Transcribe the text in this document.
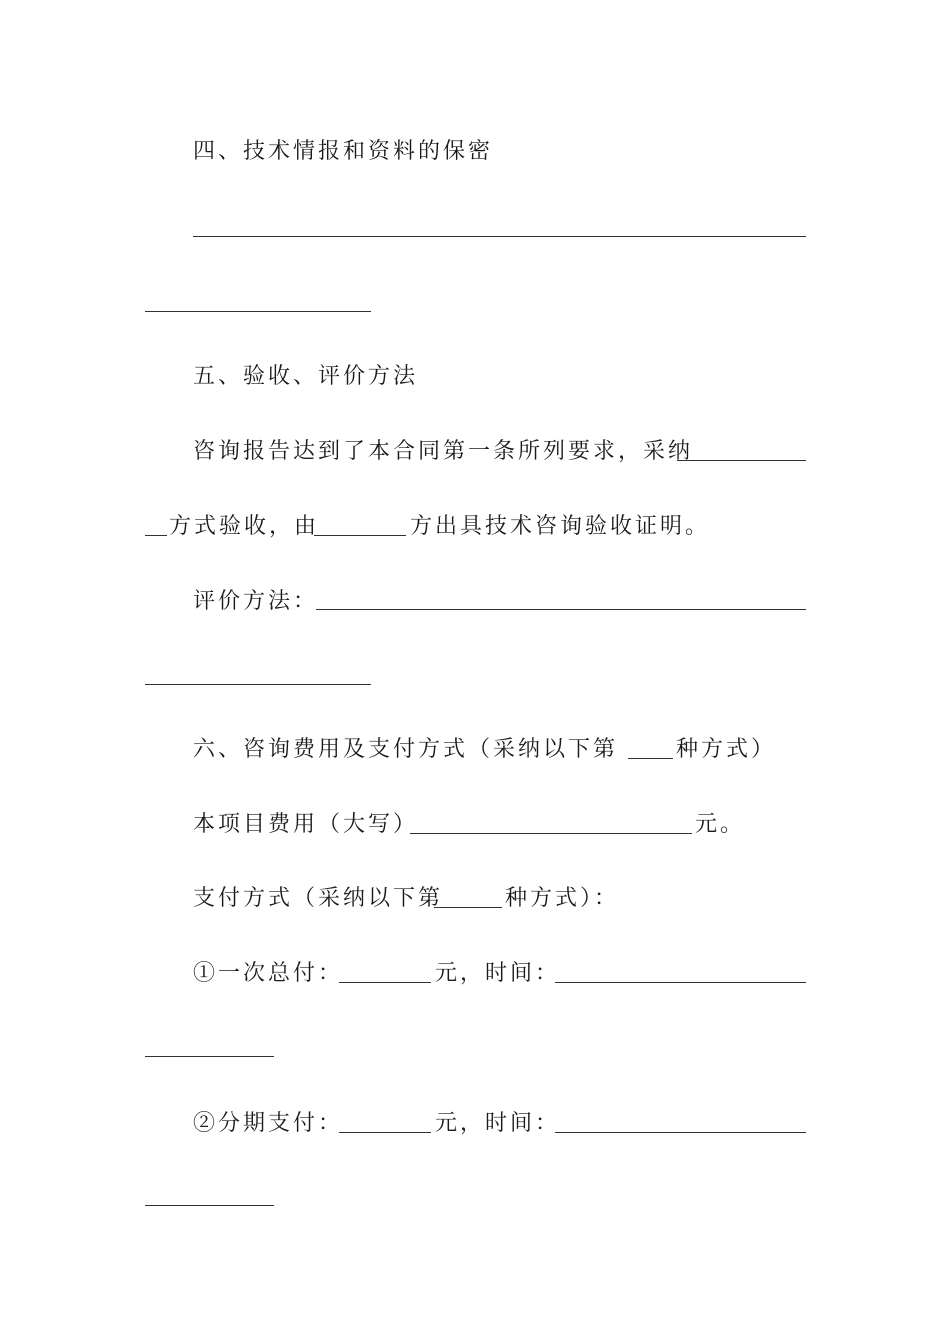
四、技术情报和资料的保密
五、验收、评价方法
咨询报告达到了本合同第一条所列要求，采纳
方式验收，由	方出具技术咨询验收证明。
评价方法：
六、咨询费用及支付方式（采纳以下第	种方式）
本项目费用（大写）	元。
支付方式（采纳以下第	种方式）：
①一次总付：	元，时间：
②分期支付：	元，时间：
